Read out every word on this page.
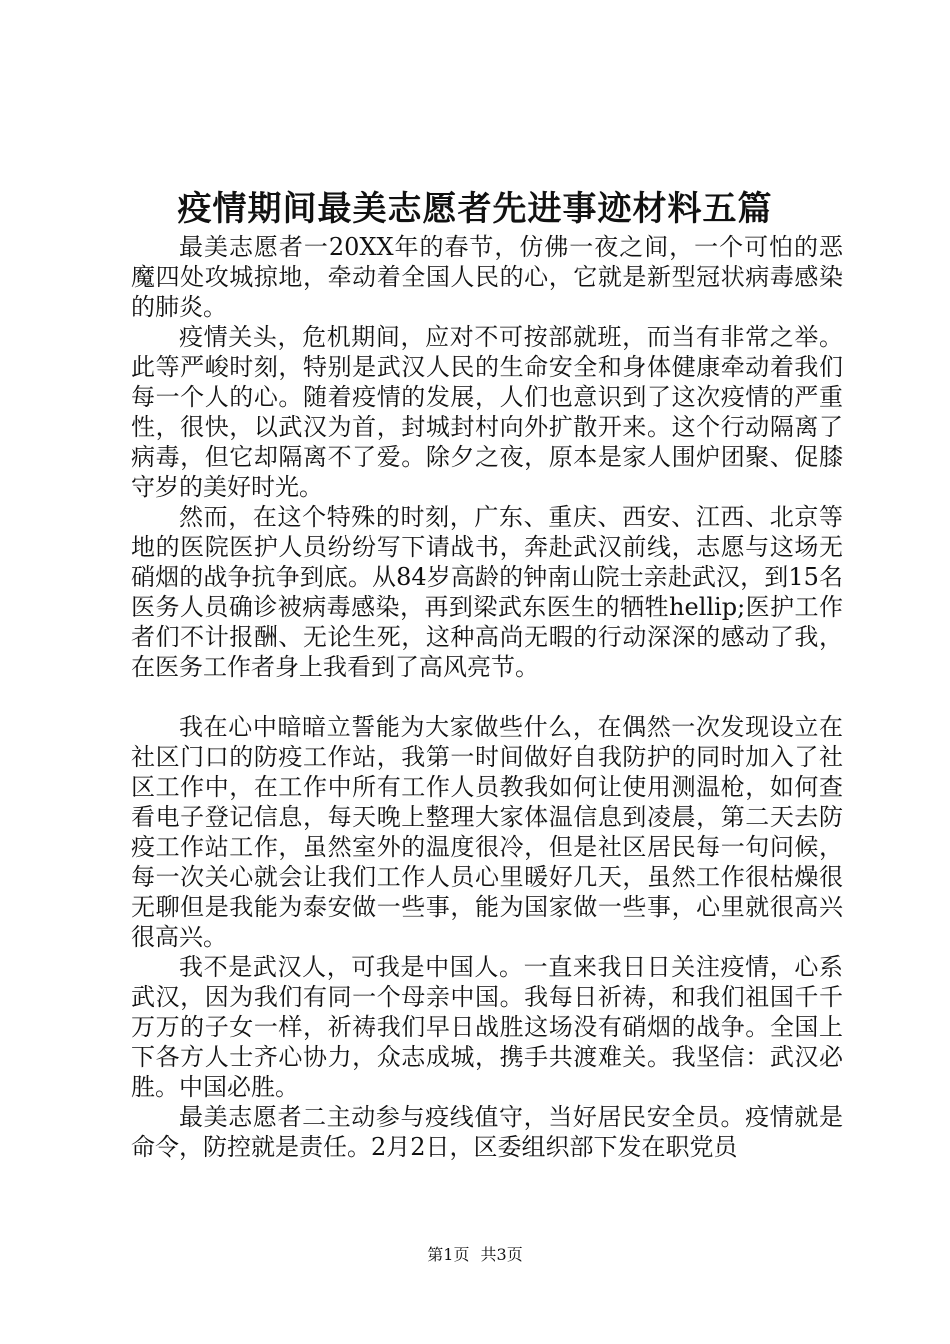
疫情期间最美志愿者先进事迹材料五篇

最美志愿者一20XX年的春节，仿佛一夜之间，一个可怕的恶魔四处攻城掠地，牵动着全国人民的心，它就是新型冠状病毒感染的肺炎。

疫情关头，危机期间，应对不可按部就班，而当有非常之举。此等严峻时刻，特别是武汉人民的生命安全和身体健康牵动着我们每一个人的心。随着疫情的发展，人们也意识到了这次疫情的严重性，很快，以武汉为首，封城封村向外扩散开来。这个行动隔离了病毒，但它却隔离不了爱。除夕之夜，原本是家人围炉团聚、促膝守岁的美好时光。

然而，在这个特殊的时刻，广东、重庆、西安、江西、北京等地的医院医护人员纷纷写下请战书，奔赴武汉前线，志愿与这场无硝烟的战争抗争到底。从84岁高龄的钟南山院士亲赴武汉，到15名医务人员确诊被病毒感染，再到梁武东医生的牺牲hellip;医护工作者们不计报酬、无论生死，这种高尚无暇的行动深深的感动了我，在医务工作者身上我看到了高风亮节。

我在心中暗暗立誓能为大家做些什么，在偶然一次发现设立在社区门口的防疫工作站，我第一时间做好自我防护的同时加入了社区工作中，在工作中所有工作人员教我如何让使用测温枪，如何查看电子登记信息，每天晚上整理大家体温信息到凌晨，第二天去防疫工作站工作，虽然室外的温度很冷，但是社区居民每一句问候，每一次关心就会让我们工作人员心里暖好几天，虽然工作很枯燥很无聊但是我能为泰安做一些事，能为国家做一些事，心里就很高兴很高兴。

我不是武汉人，可我是中国人。一直来我日日关注疫情，心系武汉，因为我们有同一个母亲中国。我每日祈祷，和我们祖国千千万万的子女一样，祈祷我们早日战胜这场没有硝烟的战争。全国上下各方人士齐心协力，众志成城，携手共渡难关。我坚信：武汉必胜。中国必胜。

最美志愿者二主动参与疫线值守，当好居民安全员。疫情就是命令，防控就是责任。2月2日，区委组织部下发在职党员

第1页 共3页
